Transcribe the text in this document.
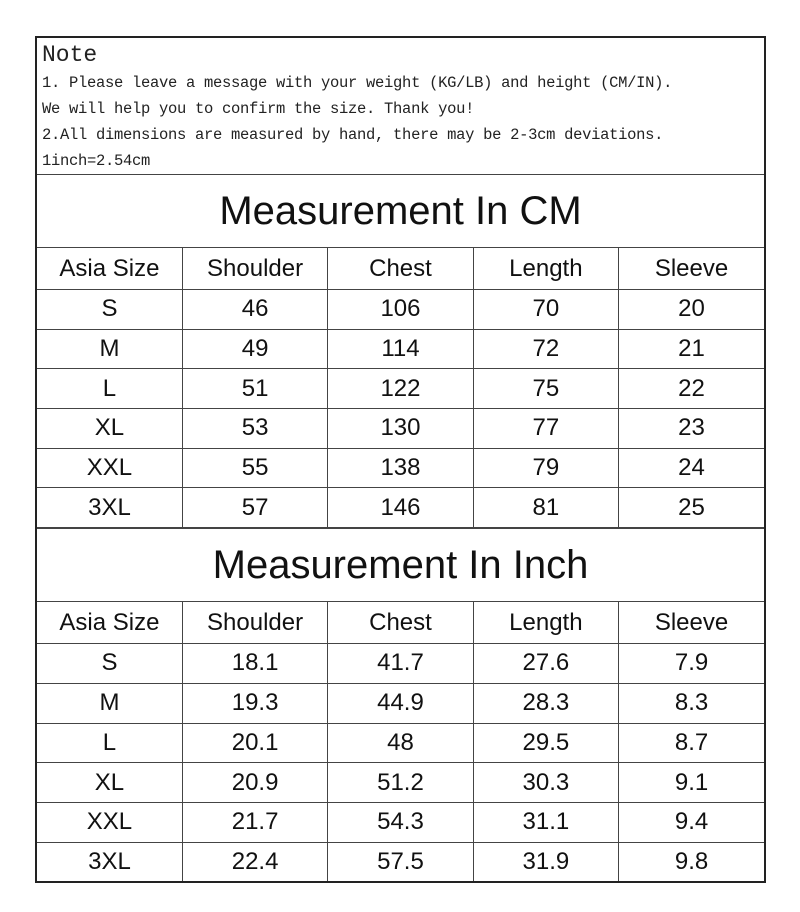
Note
1. Please leave a message with your weight (KG/LB) and height (CM/IN).
We will help you to confirm the size. Thank you!
2.All dimensions are measured by hand, there may be 2-3cm deviations.
1inch=2.54cm
Measurement In CM
Asia Size	Shoulder	Chest	Length	Sleeve
S	46	106	70	20
M	49	114	72	21
L	51	122	75	22
XL	53	130	77	23
XXL	55	138	79	24
3XL	57	146	81	25
Measurement In Inch
Asia Size	Shoulder	Chest	Length	Sleeve
S	18.1	41.7	27.6	7.9
M	19.3	44.9	28.3	8.3
L	20.1	48	29.5	8.7
XL	20.9	51.2	30.3	9.1
XXL	21.7	54.3	31.1	9.4
3XL	22.4	57.5	31.9	9.8
